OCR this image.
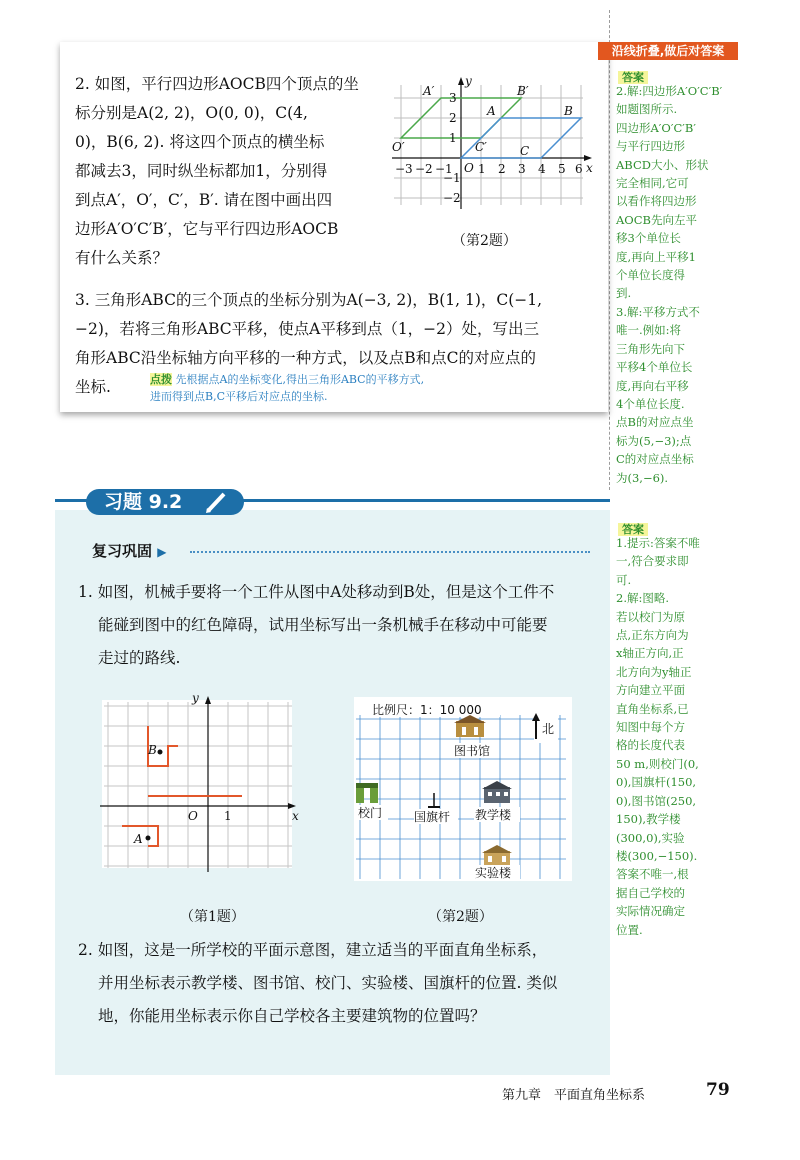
2. 如图，平行四边形AOCB四个顶点的坐
标分别是A(2, 2)，O(0, 0)，C(4,
0)，B(6, 2). 将这四个顶点的横坐标
都减去3，同时纵坐标都加1，分别得
到点A′，O′，C′，B′. 请在图中画出四
边形A′O′C′B′，它与平行四边形AOCB
有什么关系？
−3 −2 −1 1 2 3 4 5 6
3
2
1
−1
−2
O	x
y
A′	B′
O′	C′
A	B
C
（第2题）
3. 三角形ABC的三个顶点的坐标分别为A(−3, 2)，B(1, 1)，C(−1,
−2)，若将三角形ABC平移，使点A平移到点（1，−2）处，写出三
角形ABC沿坐标轴方向平移的一种方式，以及点B和点C的对应点的
坐标.	点拨 先根据点A的坐标变化,得出三角形ABC的平移方式,
进而得到点B,C平移后对应点的坐标.
沿线折叠,做后对答案
答案
2.解:四边形A′O′C′B′
如题图所示.
四边形A′O′C′B′
与平行四边形
ABCD大小、形状
完全相同,它可
以看作将四边形
AOCB先向左平
移3个单位长
度,再向上平移1
个单位长度得
到.
3.解:平移方式不
唯一.例如:将
三角形先向下
平移4个单位长
度,再向右平移
4个单位长度.
点B的对应点坐
标为(5,−3);点
C的对应点坐标
为(3,−6).
习题 9.2
复习巩固 ▶
1. 如图，机械手要将一个工件从图中A处移动到B处，但是这个工件不
能碰到图中的红色障碍，试用坐标写出一条机械手在移动中可能要
走过的路线.
B
A
O	x
y
1
（第1题）
比例尺：1：10 000
北
图书馆
校门	国旗杆 教学楼
实验楼
（第2题）
2. 如图，这是一所学校的平面示意图，建立适当的平面直角坐标系，
并用坐标表示教学楼、图书馆、校门、实验楼、国旗杆的位置. 类似
地，你能用坐标表示你自己学校各主要建筑物的位置吗？
答案
1.提示:答案不唯
一,符合要求即
可.
2.解:图略.
若以校门为原
点,正东方向为
x轴正方向,正
北方向为y轴正
方向建立平面
直角坐标系,已
知图中每个方
格的长度代表
50 m,则校门(0,
0),国旗杆(150,
0),图书馆(250,
150),教学楼
(300,0),实验
楼(300,−150).
答案不唯一,根
据自己学校的
实际情况确定
位置.
第九章　平面直角坐标系	79
